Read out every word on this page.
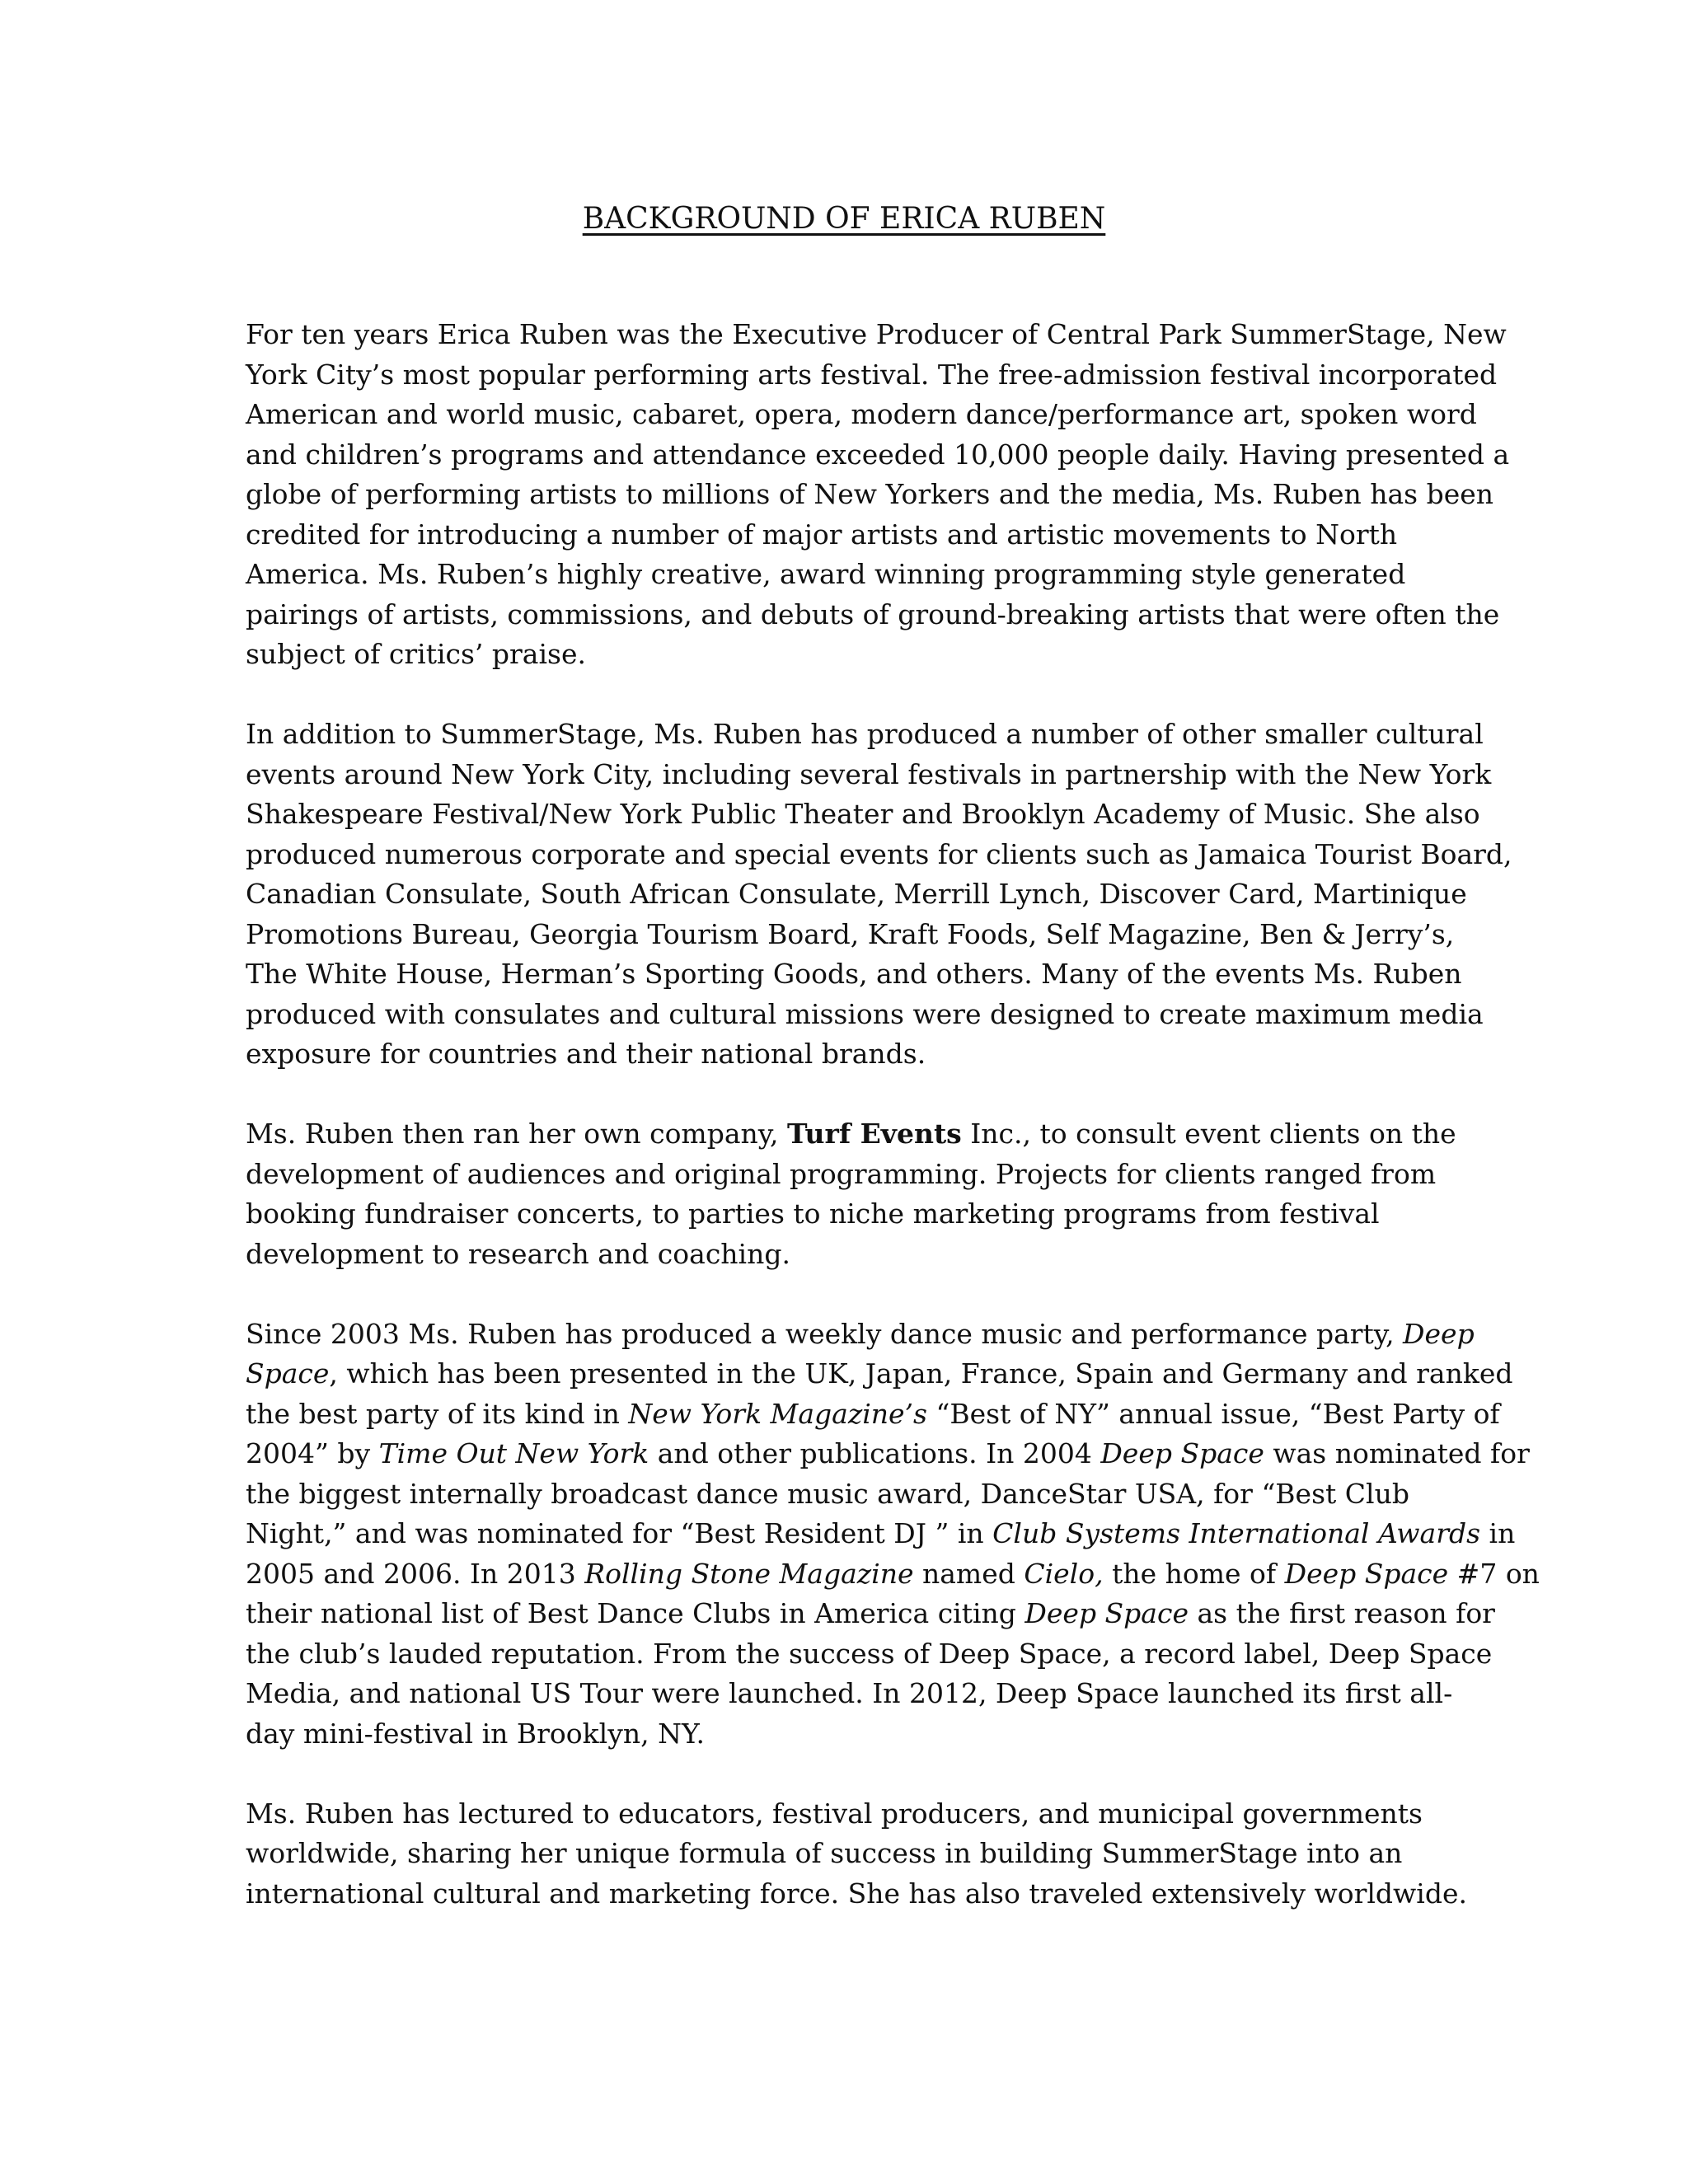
BACKGROUND OF ERICA RUBEN

For ten years Erica Ruben was the Executive Producer of Central Park SummerStage, New
York City’s most popular performing arts festival. The free-admission festival incorporated
American and world music, cabaret, opera, modern dance/performance art, spoken word
and children’s programs and attendance exceeded 10,000 people daily. Having presented a
globe of performing artists to millions of New Yorkers and the media, Ms. Ruben has been
credited for introducing a number of major artists and artistic movements to North
America. Ms. Ruben’s highly creative, award winning programming style generated
pairings of artists, commissions, and debuts of ground-breaking artists that were often the
subject of critics’ praise.

In addition to SummerStage, Ms. Ruben has produced a number of other smaller cultural
events around New York City, including several festivals in partnership with the New York
Shakespeare Festival/New York Public Theater and Brooklyn Academy of Music. She also
produced numerous corporate and special events for clients such as Jamaica Tourist Board,
Canadian Consulate, South African Consulate, Merrill Lynch, Discover Card, Martinique
Promotions Bureau, Georgia Tourism Board, Kraft Foods, Self Magazine, Ben & Jerry’s,
The White House, Herman’s Sporting Goods, and others. Many of the events Ms. Ruben
produced with consulates and cultural missions were designed to create maximum media
exposure for countries and their national brands.

Ms. Ruben then ran her own company, Turf Events Inc., to consult event clients on the
development of audiences and original programming. Projects for clients ranged from
booking fundraiser concerts, to parties to niche marketing programs from festival
development to research and coaching.

Since 2003 Ms. Ruben has produced a weekly dance music and performance party, Deep
Space, which has been presented in the UK, Japan, France, Spain and Germany and ranked
the best party of its kind in New York Magazine’s “Best of NY” annual issue, “Best Party of
2004” by Time Out New York and other publications. In 2004 Deep Space was nominated for
the biggest internally broadcast dance music award, DanceStar USA, for “Best Club
Night,” and was nominated for “Best Resident DJ ” in Club Systems International Awards in
2005 and 2006. In 2013 Rolling Stone Magazine named Cielo, the home of Deep Space #7 on
their national list of Best Dance Clubs in America citing Deep Space as the first reason for
the club’s lauded reputation. From the success of Deep Space, a record label, Deep Space
Media, and national US Tour were launched. In 2012, Deep Space launched its first all-
day mini-festival in Brooklyn, NY.

Ms. Ruben has lectured to educators, festival producers, and municipal governments
worldwide, sharing her unique formula of success in building SummerStage into an
international cultural and marketing force. She has also traveled extensively worldwide.
